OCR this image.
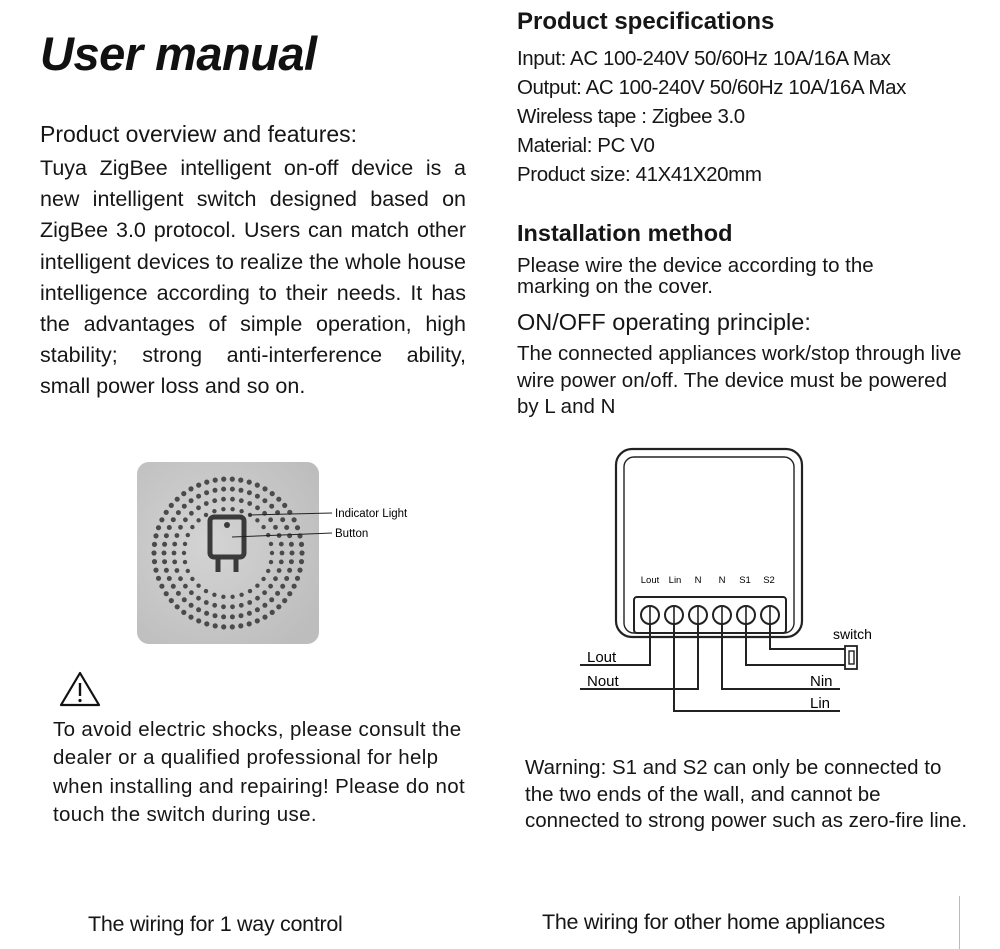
User manual
Product overview and features:
Tuya ZigBee intelligent on-off device is a new intelligent switch designed based on ZigBee 3.0 protocol. Users can match other intelligent devices to realize the whole house intelligence according to their needs. It has the advantages of simple operation, high stability; strong anti-interference ability, small power loss and so on.
Product specifications
Input: AC 100-240V 50/60Hz 10A/16A Max
Output: AC 100-240V 50/60Hz 10A/16A Max
Wireless tape : Zigbee 3.0
Material: PC V0
Product size: 41X41X20mm
Installation method
Please wire the device according to the marking on the cover.
ON/OFF operating principle:
The connected appliances work/stop through live wire power on/off. The device must be powered by L and N
Indicator Light
Button
To avoid electric shocks, please consult the dealer or a qualified professional for help when installing and repairing! Please do not touch the switch during use.
Lout Lin N N S1 S2
switch
Lout
Nout	Nin
Lin
Warning: S1 and S2 can only be connected to the two ends of the wall, and cannot be connected to strong power such as zero-fire line.
The wiring for 1 way control	The wiring for other home appliances
